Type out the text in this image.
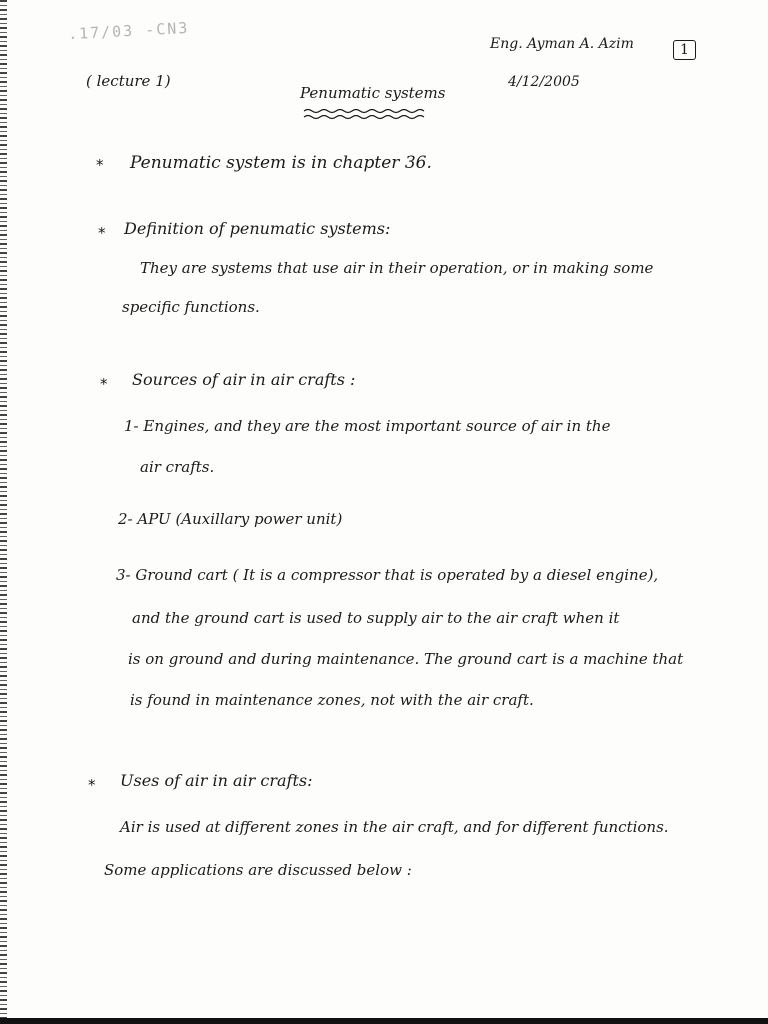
.17/03 -CN3
Eng. Ayman A. Azim	1
( lecture 1)	4/12/2005
Penumatic systems
* Penumatic system is in chapter 36.
* Definition of penumatic systems:
They are systems that use air in their operation, or in making some
specific functions.
* Sources of air in air crafts :
1- Engines, and they are the most important source of air in the
air crafts.
2- APU (Auxillary power unit)
3- Ground cart ( It is a compressor that is operated by a diesel engine),
and the ground cart is used to supply air to the air craft when it
is on ground and during maintenance. The ground cart is a machine that
is found in maintenance zones, not with the air craft.
* Uses of air in air crafts:
Air is used at different zones in the air craft, and for different functions.
Some applications are discussed below :
